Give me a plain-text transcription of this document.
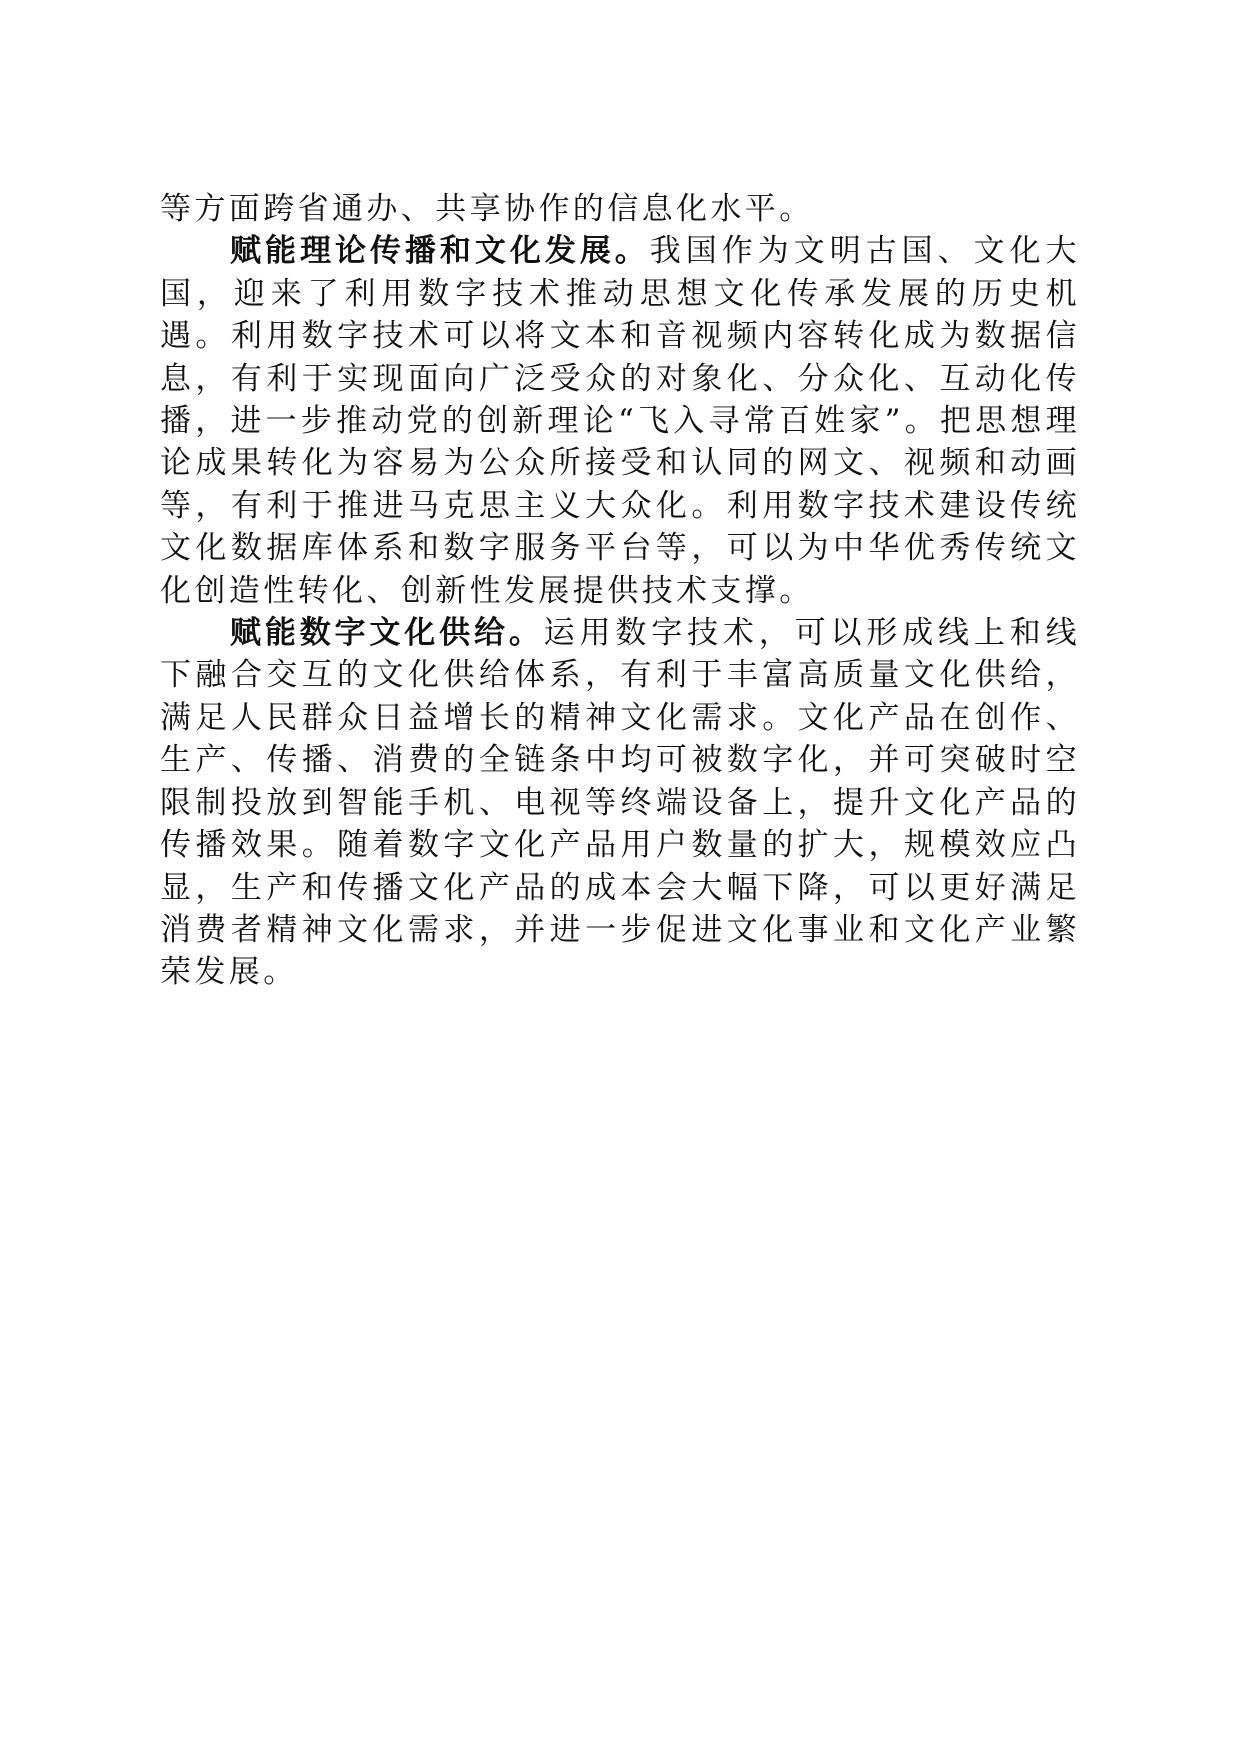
等方面跨省通办、共享协作的信息化水平。

赋能理论传播和文化发展。我国作为文明古国、文化大国，迎来了利用数字技术推动思想文化传承发展的历史机遇。利用数字技术可以将文本和音视频内容转化成为数据信息，有利于实现面向广泛受众的对象化、分众化、互动化传播，进一步推动党的创新理论“飞入寻常百姓家”。把思想理论成果转化为容易为公众所接受和认同的网文、视频和动画等，有利于推进马克思主义大众化。利用数字技术建设传统文化数据库体系和数字服务平台等，可以为中华优秀传统文化创造性转化、创新性发展提供技术支撑。

赋能数字文化供给。运用数字技术，可以形成线上和线下融合交互的文化供给体系，有利于丰富高质量文化供给，满足人民群众日益增长的精神文化需求。文化产品在创作、生产、传播、消费的全链条中均可被数字化，并可突破时空限制投放到智能手机、电视等终端设备上，提升文化产品的传播效果。随着数字文化产品用户数量的扩大，规模效应凸显，生产和传播文化产品的成本会大幅下降，可以更好满足消费者精神文化需求，并进一步促进文化事业和文化产业繁荣发展。
